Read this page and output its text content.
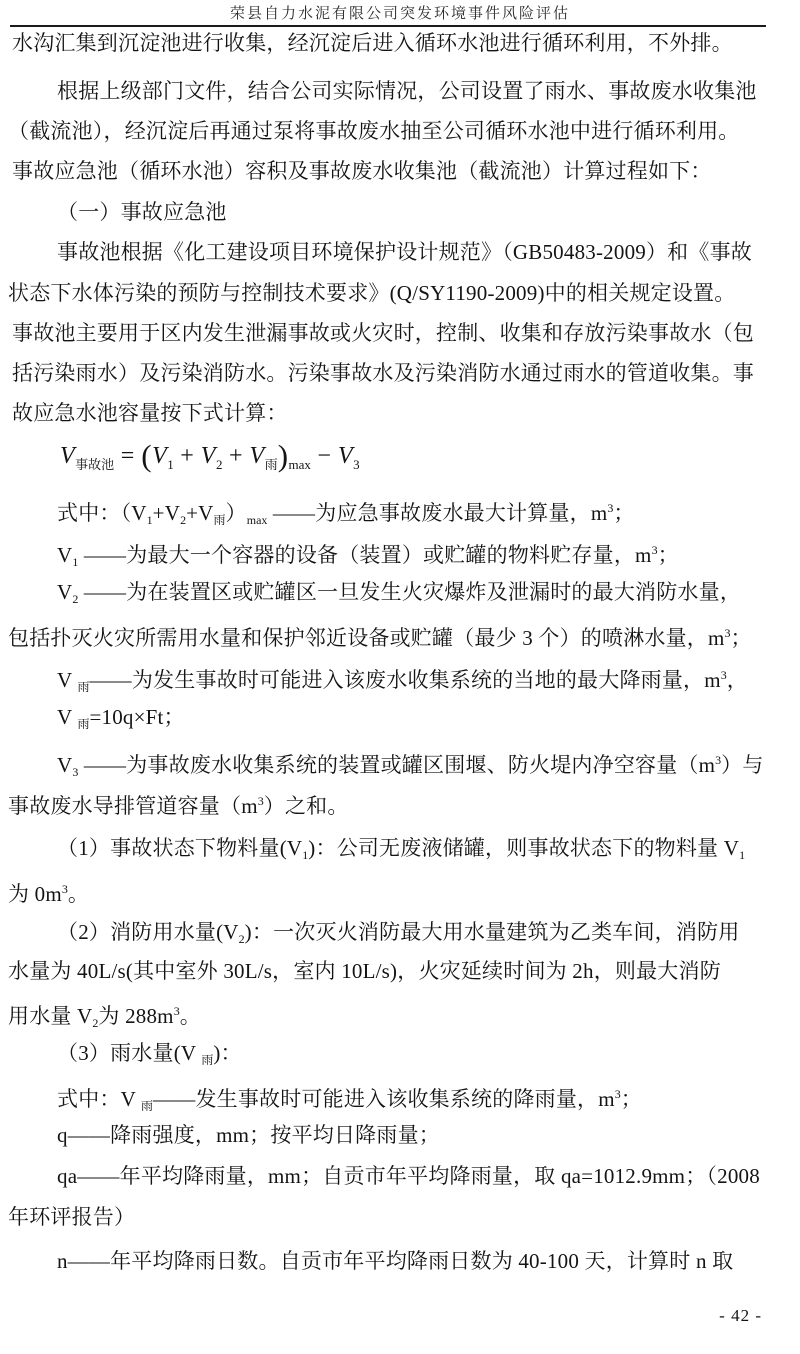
荣县自力水泥有限公司突发环境事件风险评估
水沟汇集到沉淀池进行收集，经沉淀后进入循环水池进行循环利用，不外排。
根据上级部门文件，结合公司实际情况，公司设置了雨水、事故废水收集池
（截流池），经沉淀后再通过泵将事故废水抽至公司循环水池中进行循环利用。
事故应急池（循环水池）容积及事故废水收集池（截流池）计算过程如下：
（一）事故应急池
事故池根据《化工建设项目环境保护设计规范》（GB50483-2009）和《事故
状态下水体污染的预防与控制技术要求》(Q/SY1190-2009)中的相关规定设置。
事故池主要用于区内发生泄漏事故或火灾时，控制、收集和存放污染事故水（包
括污染雨水）及污染消防水。污染事故水及污染消防水通过雨水的管道收集。事
故应急水池容量按下式计算：
$V_{事故池} = (V_1 + V_2 + V_雨)_{max} - V_3$
式中：（V1+V2+V雨）max ——为应急事故废水最大计算量，$m^3$；
V1 ——为最大一个容器的设备（装置）或贮罐的物料贮存量，$m^3$；
V2 ——为在装置区或贮罐区一旦发生火灾爆炸及泄漏时的最大消防水量，
包括扑灭火灾所需用水量和保护邻近设备或贮罐（最少 3 个）的喷淋水量，$m^3$；
V 雨——为发生事故时可能进入该废水收集系统的当地的最大降雨量，$m^3$，
V 雨=10q×Ft；
V3 ——为事故废水收集系统的装置或罐区围堰、防火堤内净空容量$(m^3)$与
事故废水导排管道容量$(m^3)$之和。
（1）事故状态下物料量(V1)：公司无废液储罐，则事故状态下的物料量 V1
为 $0m^3$。
（2）消防用水量(V2)：一次灭火消防最大用水量建筑为乙类车间，消防用
水量为 40L/s(其中室外 30L/s，室内 10L/s)，火灾延续时间为 2h，则最大消防
用水量 V2为 $288m^3$。
（3）雨水量(V 雨)：
式中：V 雨——发生事故时可能进入该收集系统的降雨量，$m^3$；
q——降雨强度，mm；按平均日降雨量；
qa——年平均降雨量，mm；自贡市年平均降雨量，取 qa=1012.9mm；（2008
年环评报告）
n——年平均降雨日数。自贡市年平均降雨日数为 40-100 天，计算时 n 取
- 42 -
